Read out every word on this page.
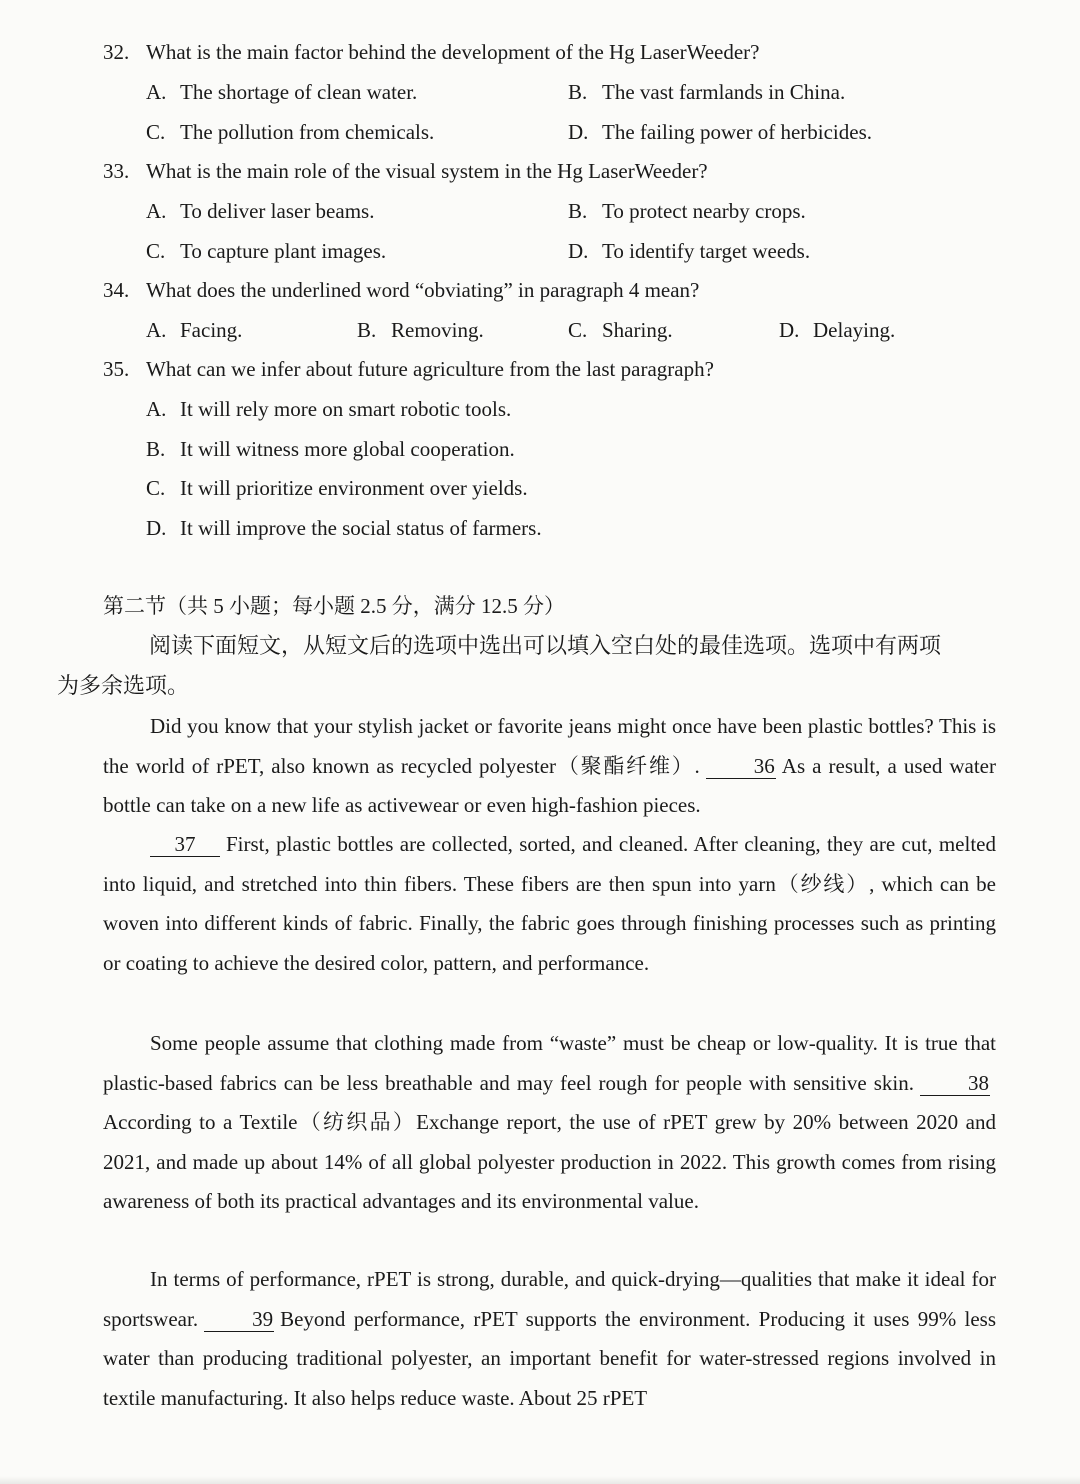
32. What is the main factor behind the development of the Hg LaserWeeder?
A. The shortage of clean water.	B. The vast farmlands in China.
C. The pollution from chemicals.	D. The failing power of herbicides.
33. What is the main role of the visual system in the Hg LaserWeeder?
A. To deliver laser beams.	B. To protect nearby crops.
C. To capture plant images.	D. To identify target weeds.
34. What does the underlined word “obviating” in paragraph 4 mean?
A. Facing.	B. Removing.	C. Sharing.	D. Delaying.
35. What can we infer about future agriculture from the last paragraph?
A. It will rely more on smart robotic tools.
B. It will witness more global cooperation.
C. It will prioritize environment over yields.
D. It will improve the social status of farmers.
第二节（共 5 小题；每小题 2.5 分，满分 12.5 分）
阅读下面短文，从短文后的选项中选出可以填入空白处的最佳选项。选项中有两项
为多余选项。
Did you know that your stylish jacket or favorite jeans might once have been plastic bottles? This is the world of rPET, also known as recycled polyester（聚酯纤维）.	36 As a result, a used water bottle can take on a new life as activewear or even high-fashion pieces.
37 First, plastic bottles are collected, sorted, and cleaned. After cleaning, they are cut, melted into liquid, and stretched into thin fibers. These fibers are then spun into yarn（纱线）, which can be woven into different kinds of fabric. Finally, the fabric goes through finishing processes such as printing or coating to achieve the desired color, pattern, and performance.
Some people assume that clothing made from “waste” must be cheap or low-quality. It is true that plastic-based fabrics can be less breathable and may feel rough for people with sensitive skin.	38According to a Textile（纺织品）Exchange report, the use of rPET grew by 20% between 2020 and 2021, and made up about 14% of all global polyester production in 2022. This growth comes from rising awareness of both its practical advantages and its environmental value.
In terms of performance, rPET is strong, durable, and quick-drying—qualities that make it ideal for sportswear.	39 Beyond performance, rPET supports the environment. Producing it uses 99% less water than producing traditional polyester, an important benefit for water-stressed regions involved in textile manufacturing. It also helps reduce waste. About 25 rPET
